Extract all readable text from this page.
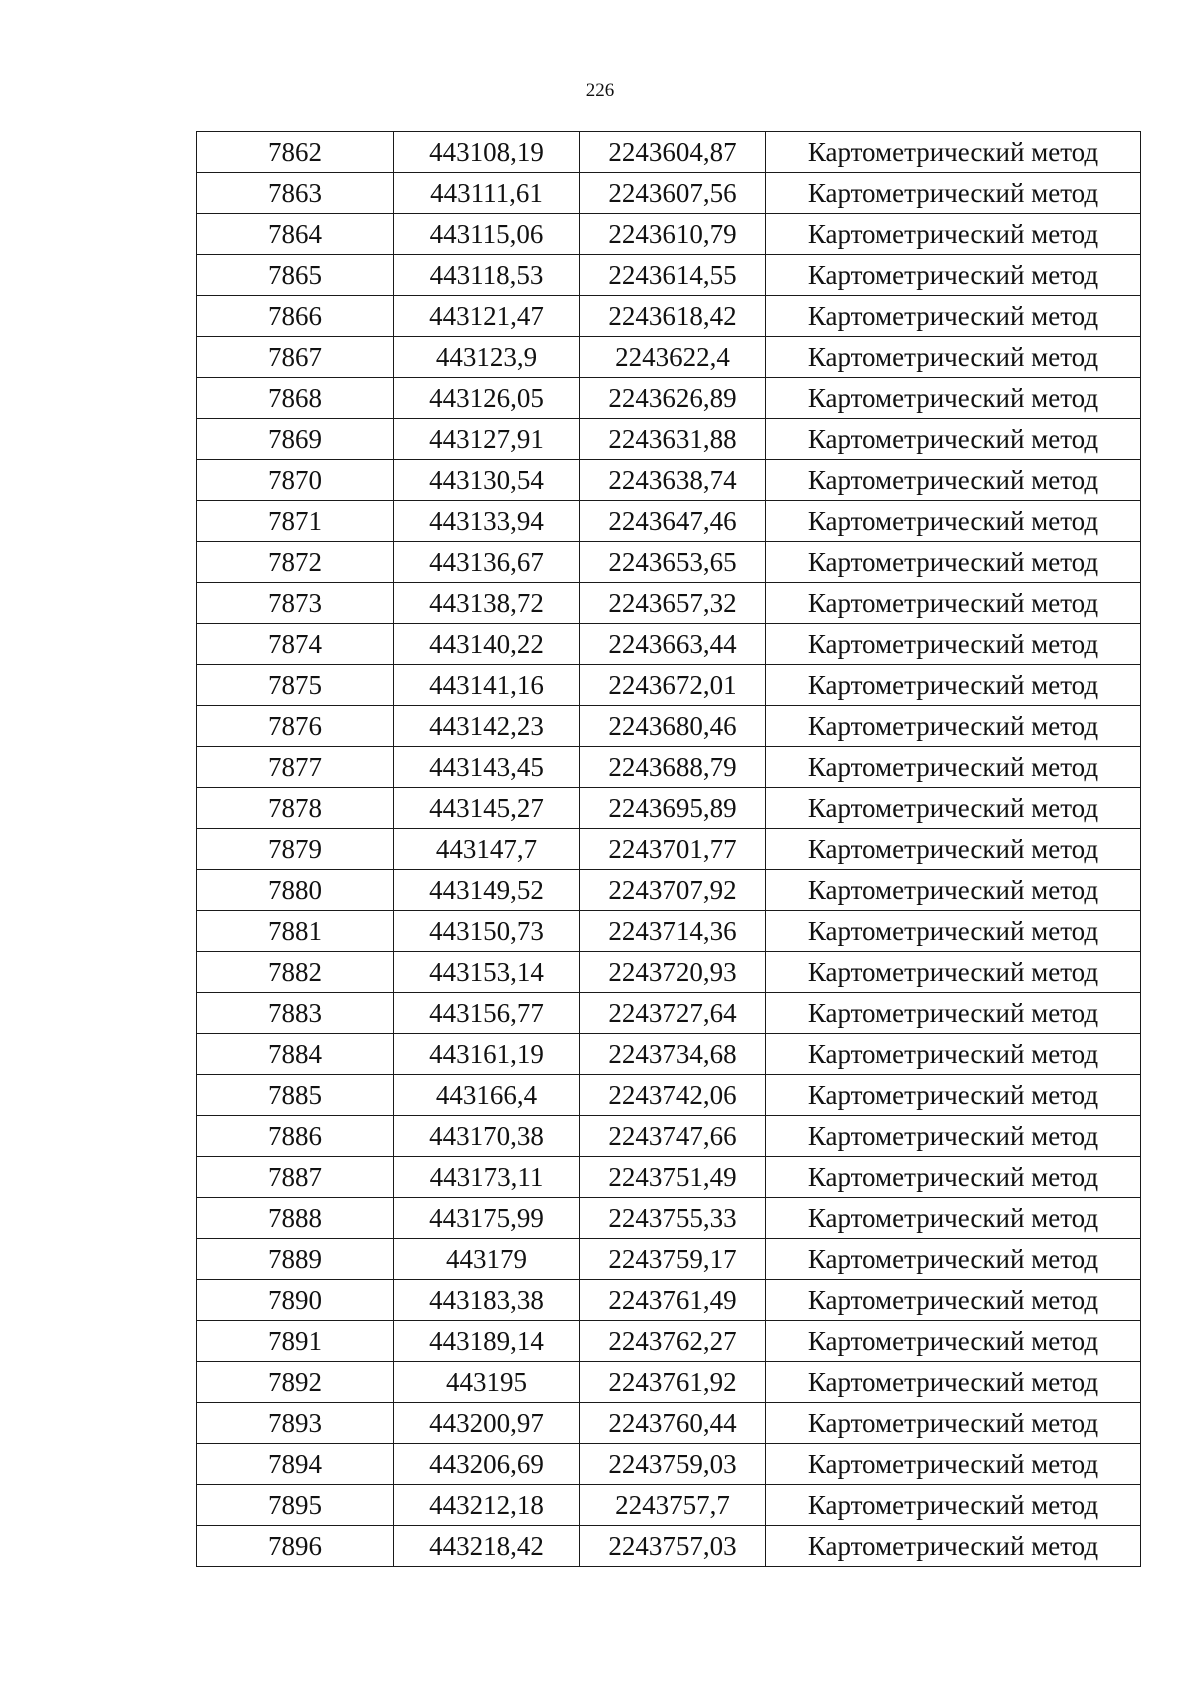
226
7862	443108,19	2243604,87	Картометрический метод
7863	443111,61	2243607,56	Картометрический метод
7864	443115,06	2243610,79	Картометрический метод
7865	443118,53	2243614,55	Картометрический метод
7866	443121,47	2243618,42	Картометрический метод
7867	443123,9	2243622,4	Картометрический метод
7868	443126,05	2243626,89	Картометрический метод
7869	443127,91	2243631,88	Картометрический метод
7870	443130,54	2243638,74	Картометрический метод
7871	443133,94	2243647,46	Картометрический метод
7872	443136,67	2243653,65	Картометрический метод
7873	443138,72	2243657,32	Картометрический метод
7874	443140,22	2243663,44	Картометрический метод
7875	443141,16	2243672,01	Картометрический метод
7876	443142,23	2243680,46	Картометрический метод
7877	443143,45	2243688,79	Картометрический метод
7878	443145,27	2243695,89	Картометрический метод
7879	443147,7	2243701,77	Картометрический метод
7880	443149,52	2243707,92	Картометрический метод
7881	443150,73	2243714,36	Картометрический метод
7882	443153,14	2243720,93	Картометрический метод
7883	443156,77	2243727,64	Картометрический метод
7884	443161,19	2243734,68	Картометрический метод
7885	443166,4	2243742,06	Картометрический метод
7886	443170,38	2243747,66	Картометрический метод
7887	443173,11	2243751,49	Картометрический метод
7888	443175,99	2243755,33	Картометрический метод
7889	443179	2243759,17	Картометрический метод
7890	443183,38	2243761,49	Картометрический метод
7891	443189,14	2243762,27	Картометрический метод
7892	443195	2243761,92	Картометрический метод
7893	443200,97	2243760,44	Картометрический метод
7894	443206,69	2243759,03	Картометрический метод
7895	443212,18	2243757,7	Картометрический метод
7896	443218,42	2243757,03	Картометрический метод
